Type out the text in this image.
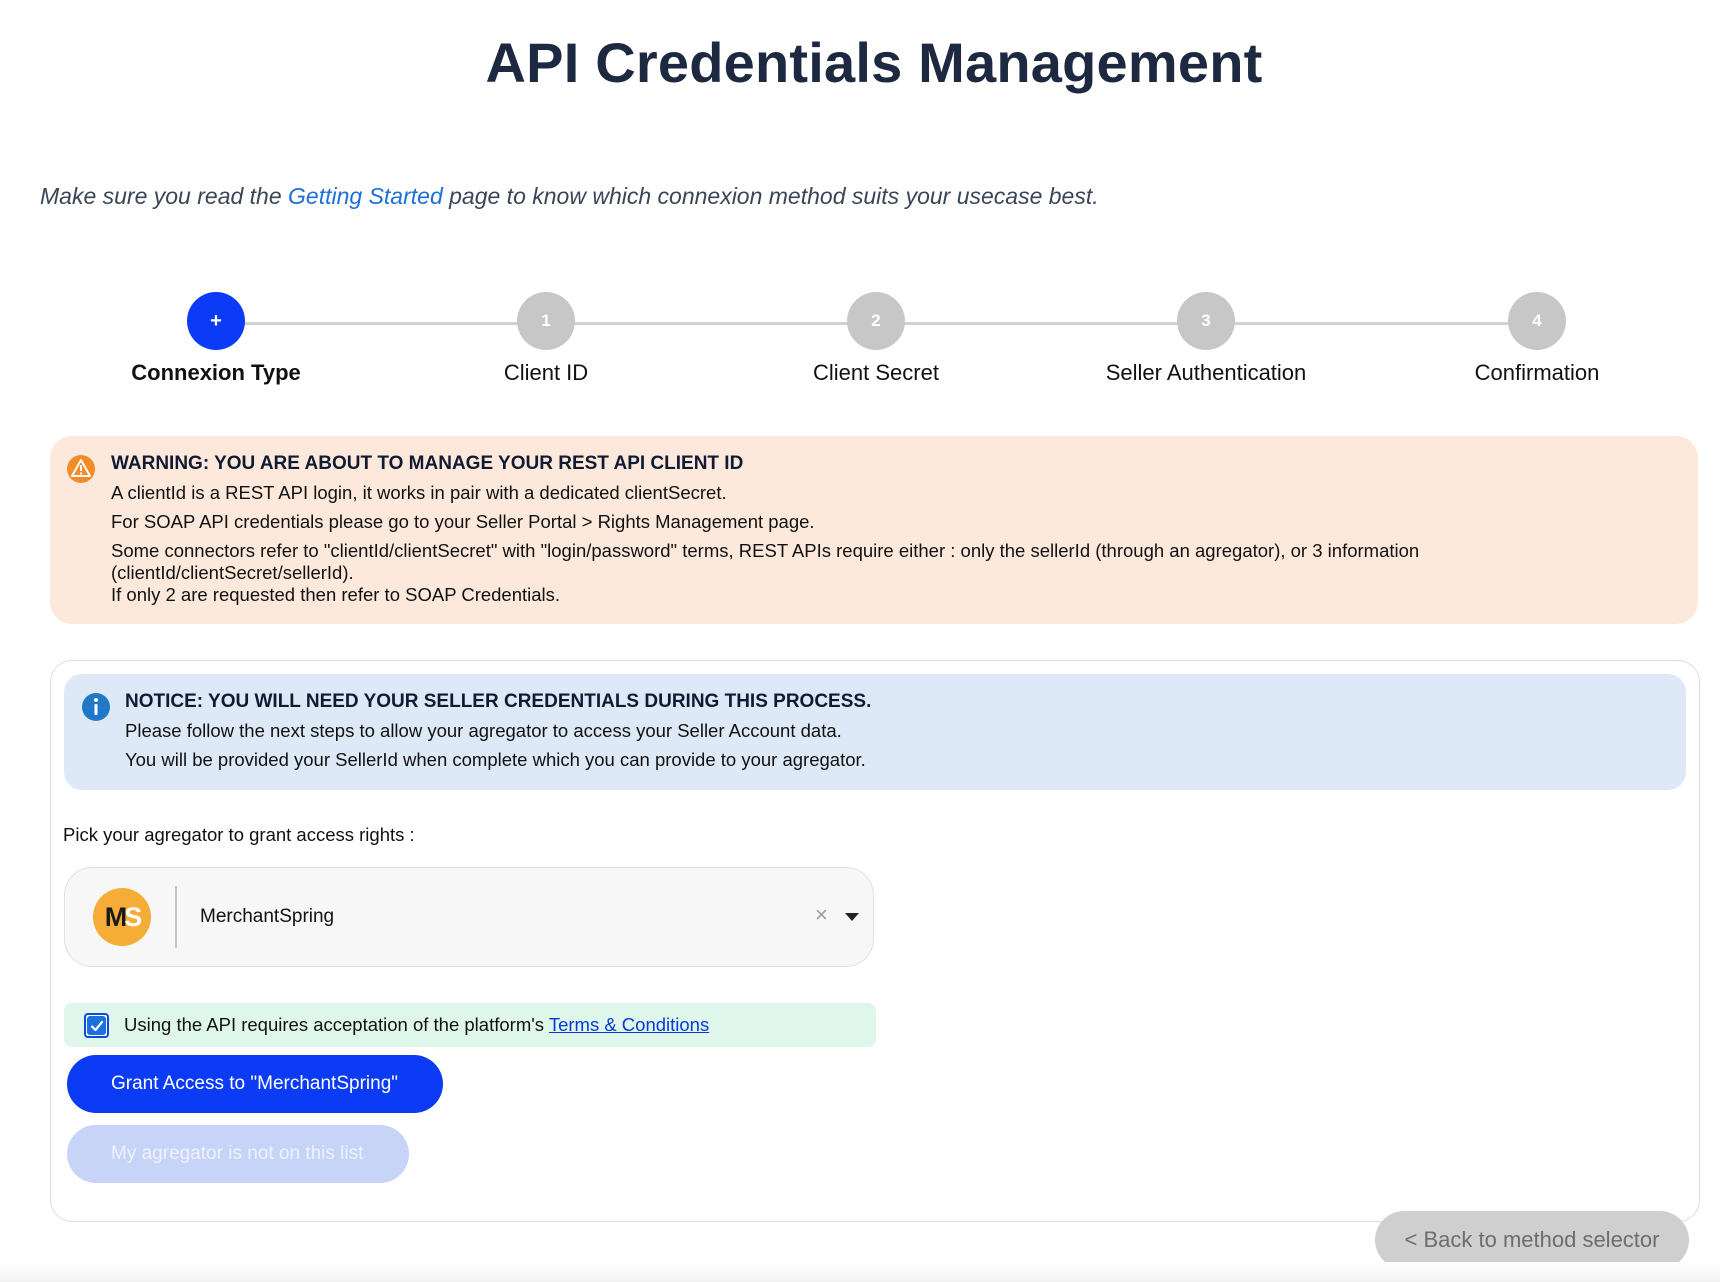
API Credentials Management
Make sure you read the Getting Started page to know which connexion method suits your usecase best.
+
Connexion Type
1
Client ID
2
Client Secret
3
Seller Authentication
4
Confirmation
WARNING: YOU ARE ABOUT TO MANAGE YOUR REST API CLIENT ID

A clientId is a REST API login, it works in pair with a dedicated clientSecret.

For SOAP API credentials please go to your Seller Portal > Rights Management page.

Some connectors refer to "clientId/clientSecret" with "login/password" terms, REST APIs require either : only the sellerId (through an agregator), or 3 information

(clientId/clientSecret/sellerId).

If only 2 are requested then refer to SOAP Credentials.

NOTICE: YOU WILL NEED YOUR SELLER CREDENTIALS DURING THIS PROCESS.

Please follow the next steps to allow your agregator to access your Seller Account data.

You will be provided your SellerId when complete which you can provide to your agregator.

Pick your agregator to grant access rights :
M S	MerchantSpring	×
Using the API requires acceptation of the platform's Terms & Conditions
Grant Access to "MerchantSpring"
My agregator is not on this list
< Back to method selector
